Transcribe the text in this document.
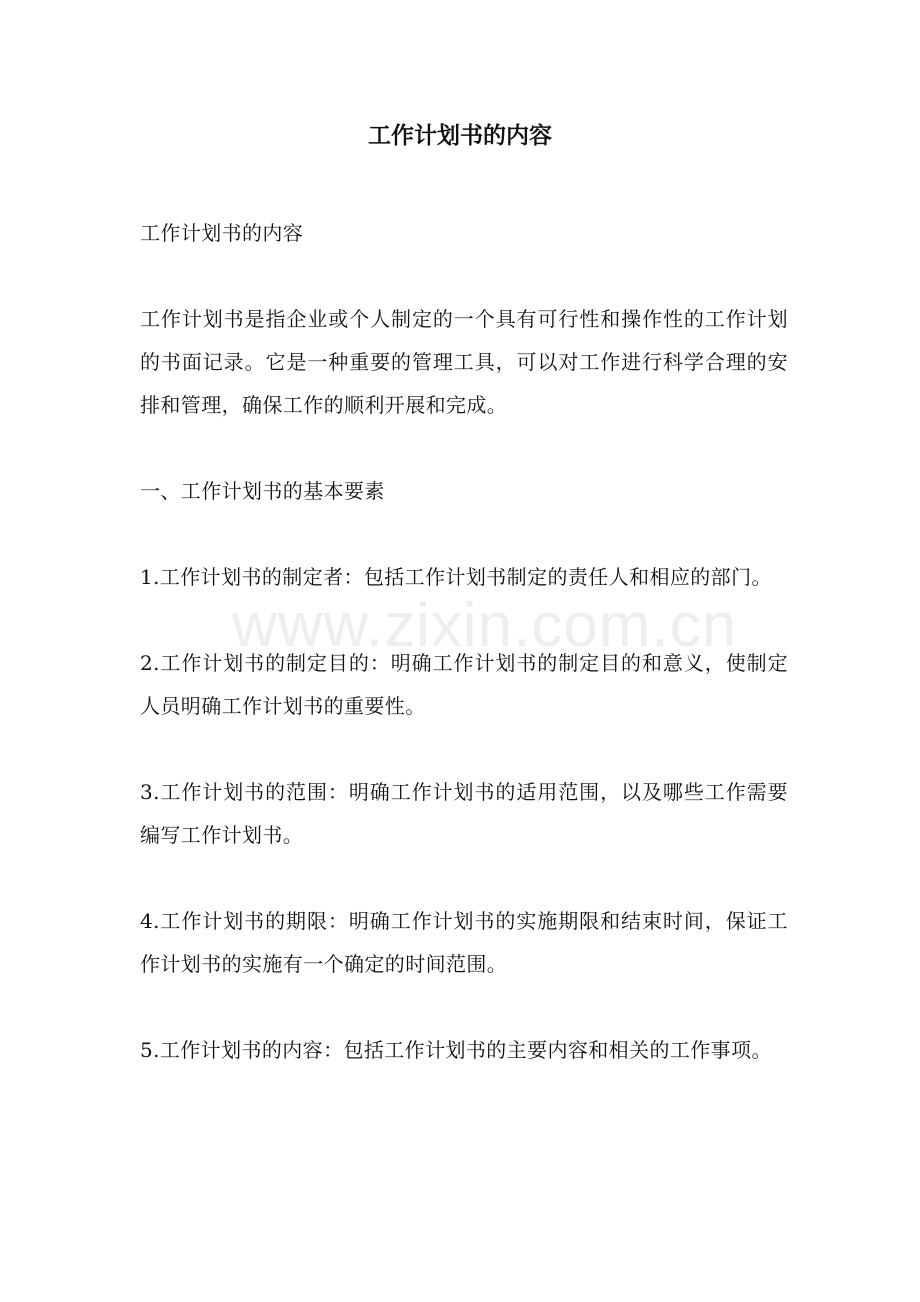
工作计划书的内容

工作计划书的内容

工作计划书是指企业或个人制定的一个具有可行性和操作性的工作计划的书面记录。它是一种重要的管理工具，可以对工作进行科学合理的安排和管理，确保工作的顺利开展和完成。

一、工作计划书的基本要素

1.工作计划书的制定者：包括工作计划书制定的责任人和相应的部门。

2.工作计划书的制定目的：明确工作计划书的制定目的和意义，使制定人员明确工作计划书的重要性。

3.工作计划书的范围：明确工作计划书的适用范围，以及哪些工作需要编写工作计划书。

4.工作计划书的期限：明确工作计划书的实施期限和结束时间，保证工作计划书的实施有一个确定的时间范围。

5.工作计划书的内容：包括工作计划书的主要内容和相关的工作事项。

www.zixin.com.cn
